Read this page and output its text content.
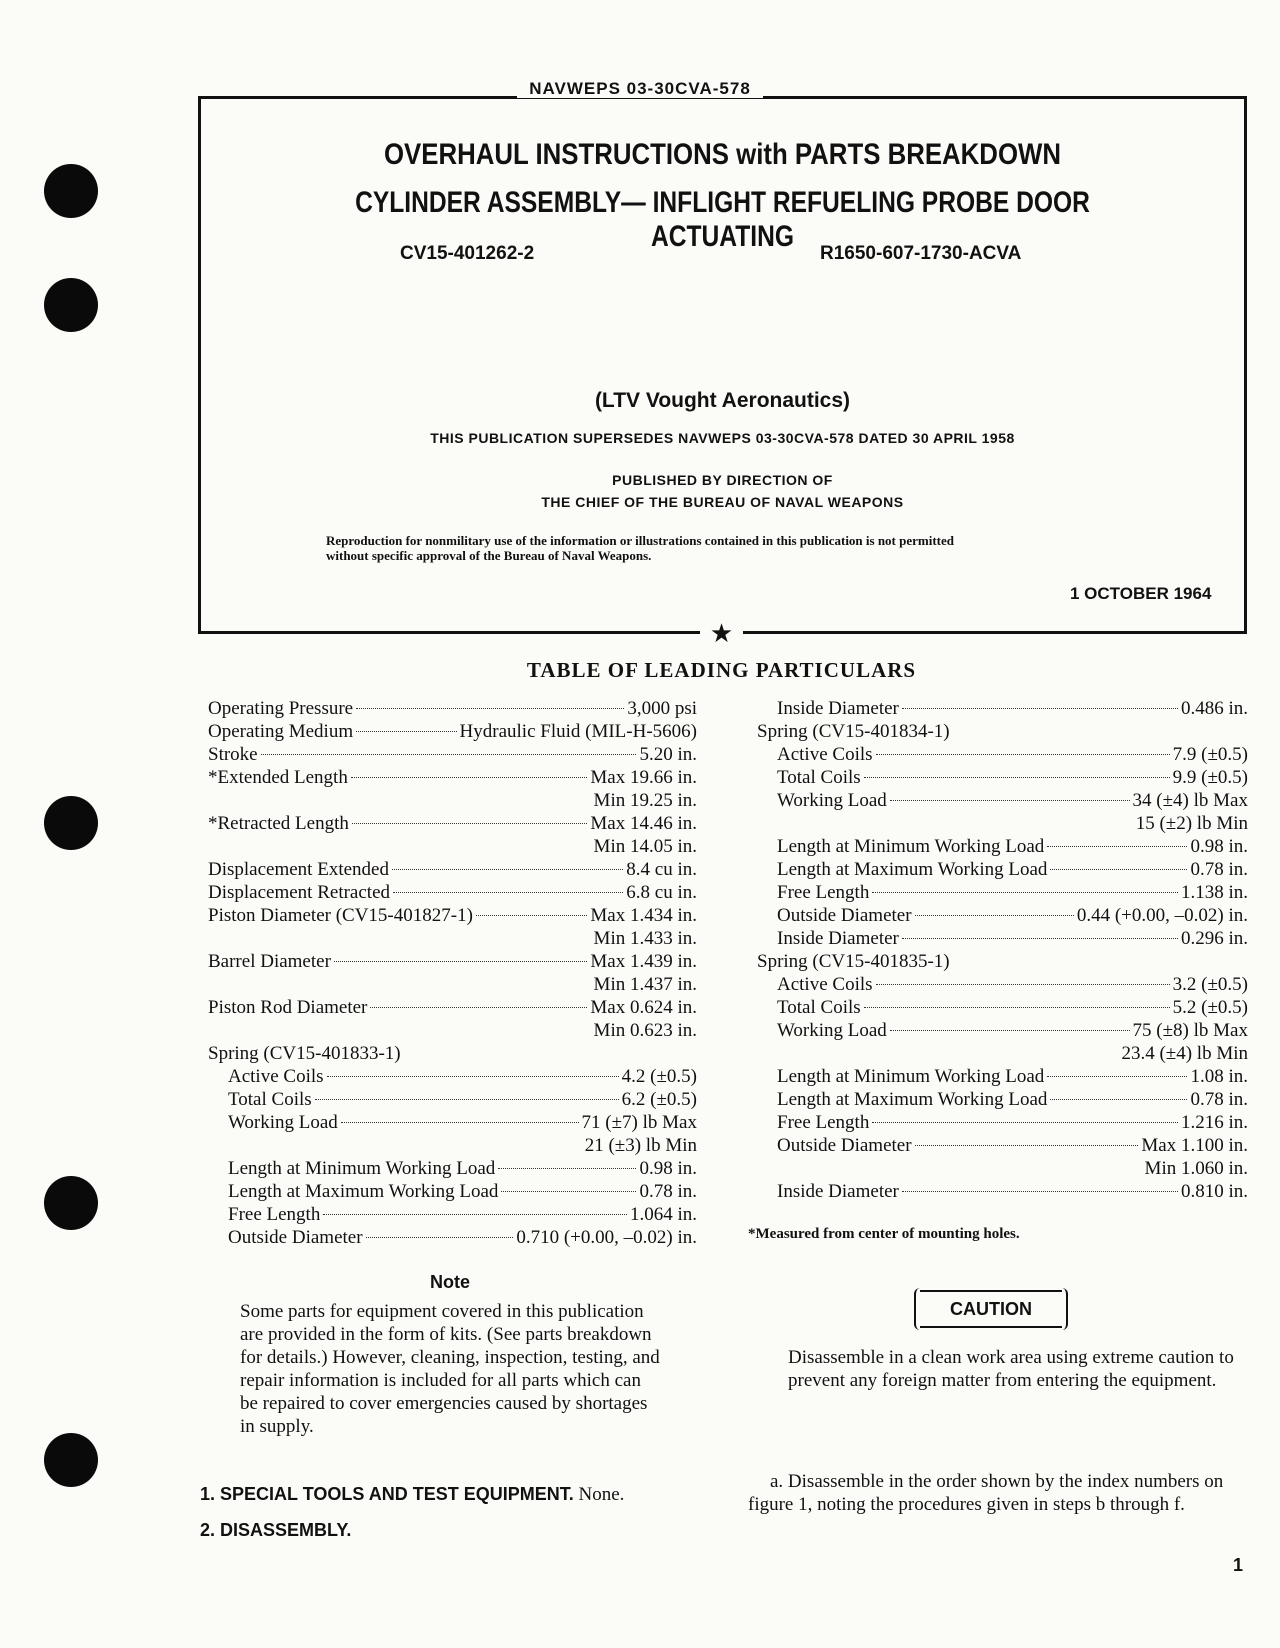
NAVWEPS 03-30CVA-578
OVERHAUL INSTRUCTIONS with PARTS BREAKDOWN
CYLINDER ASSEMBLY— INFLIGHT REFUELING PROBE DOOR ACTUATING
CV15-401262-2	R1650-607-1730-ACVA
(LTV Vought Aeronautics)
THIS PUBLICATION SUPERSEDES NAVWEPS 03-30CVA-578 DATED 30 APRIL 1958
PUBLISHED BY DIRECTION OF
THE CHIEF OF THE BUREAU OF NAVAL WEAPONS
Reproduction for nonmilitary use of the information or illustrations contained in this publication is not permitted
without specific approval of the Bureau of Naval Weapons.
1 OCTOBER 1964
★
TABLE OF LEADING PARTICULARS
Operating Pressure	3,000 psi
Operating Medium	Hydraulic Fluid (MIL-H-5606)
Stroke	5.20 in.
*Extended Length	Max 19.66 in.
Min 19.25 in.
*Retracted Length	Max 14.46 in.
Min 14.05 in.
Displacement Extended	8.4 cu in.
Displacement Retracted	6.8 cu in.
Piston Diameter (CV15-401827-1)	Max 1.434 in.
Min 1.433 in.
Barrel Diameter	Max 1.439 in.
Min 1.437 in.
Piston Rod Diameter	Max 0.624 in.
Min 0.623 in.
Spring (CV15-401833-1)
Active Coils	4.2 (±0.5)
Total Coils	6.2 (±0.5)
Working Load	71 (±7) lb Max
21 (±3) lb Min
Length at Minimum Working Load	0.98 in.
Length at Maximum Working Load	0.78 in.
Free Length	1.064 in.
Outside Diameter	0.710 (+0.00, –0.02) in.
Inside Diameter	0.486 in.
Spring (CV15-401834-1)
Active Coils	7.9 (±0.5)
Total Coils	9.9 (±0.5)
Working Load	34 (±4) lb Max
15 (±2) lb Min
Length at Minimum Working Load	0.98 in.
Length at Maximum Working Load	0.78 in.
Free Length	1.138 in.
Outside Diameter	0.44 (+0.00, –0.02) in.
Inside Diameter	0.296 in.
Spring (CV15-401835-1)
Active Coils	3.2 (±0.5)
Total Coils	5.2 (±0.5)
Working Load	75 (±8) lb Max
23.4 (±4) lb Min
Length at Minimum Working Load	1.08 in.
Length at Maximum Working Load	0.78 in.
Free Length	1.216 in.
Outside Diameter	Max 1.100 in.
Min 1.060 in.
Inside Diameter	0.810 in.
Note
Some parts for equipment covered in this publication are provided in the form of kits. (See parts breakdown for details.) However, cleaning, inspection, testing, and repair information is included for all parts which can be repaired to cover emergencies caused by shortages in supply.
1. SPECIAL TOOLS AND TEST EQUIPMENT. None.
2. DISASSEMBLY.
*Measured from center of mounting holes.
CAUTION
Disassemble in a clean work area using extreme caution to prevent any foreign matter from entering the equipment.
a. Disassemble in the order shown by the index numbers on figure 1, noting the procedures given in steps b through f.
1
